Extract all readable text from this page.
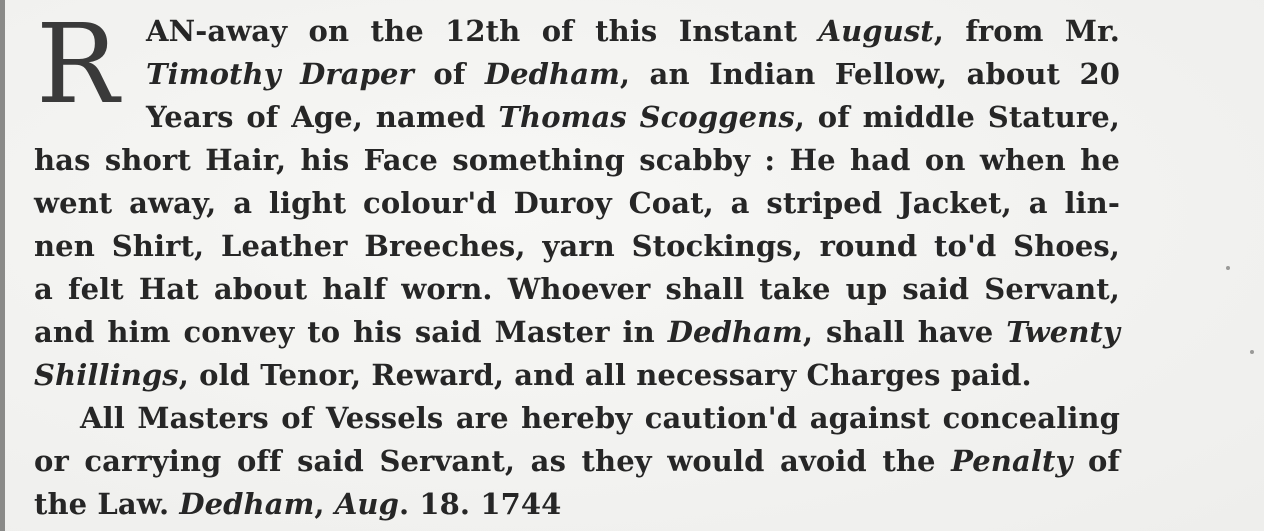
R AN-away on the 12th of this Instant August, from Mr.
Timothy Draper of Dedham, an Indian Fellow, about 20
Years of Age, named Thomas Scoggens, of middle Stature,
has short Hair, his Face something scabby : He had on when he
went away, a light colour'd Duroy Coat, a striped Jacket, a lin-
nen Shirt, Leather Breeches, yarn Stockings, round to'd Shoes,
a felt Hat about half worn. Whoever shall take up said Servant,
and him convey to his said Master in Dedham, shall have Twenty
Shillings, old Tenor, Reward, and all necessary Charges paid.
All Masters of Vessels are hereby caution'd against concealing
or carrying off said Servant, as they would avoid the Penalty of
the Law. Dedham, Aug. 18. 1744
